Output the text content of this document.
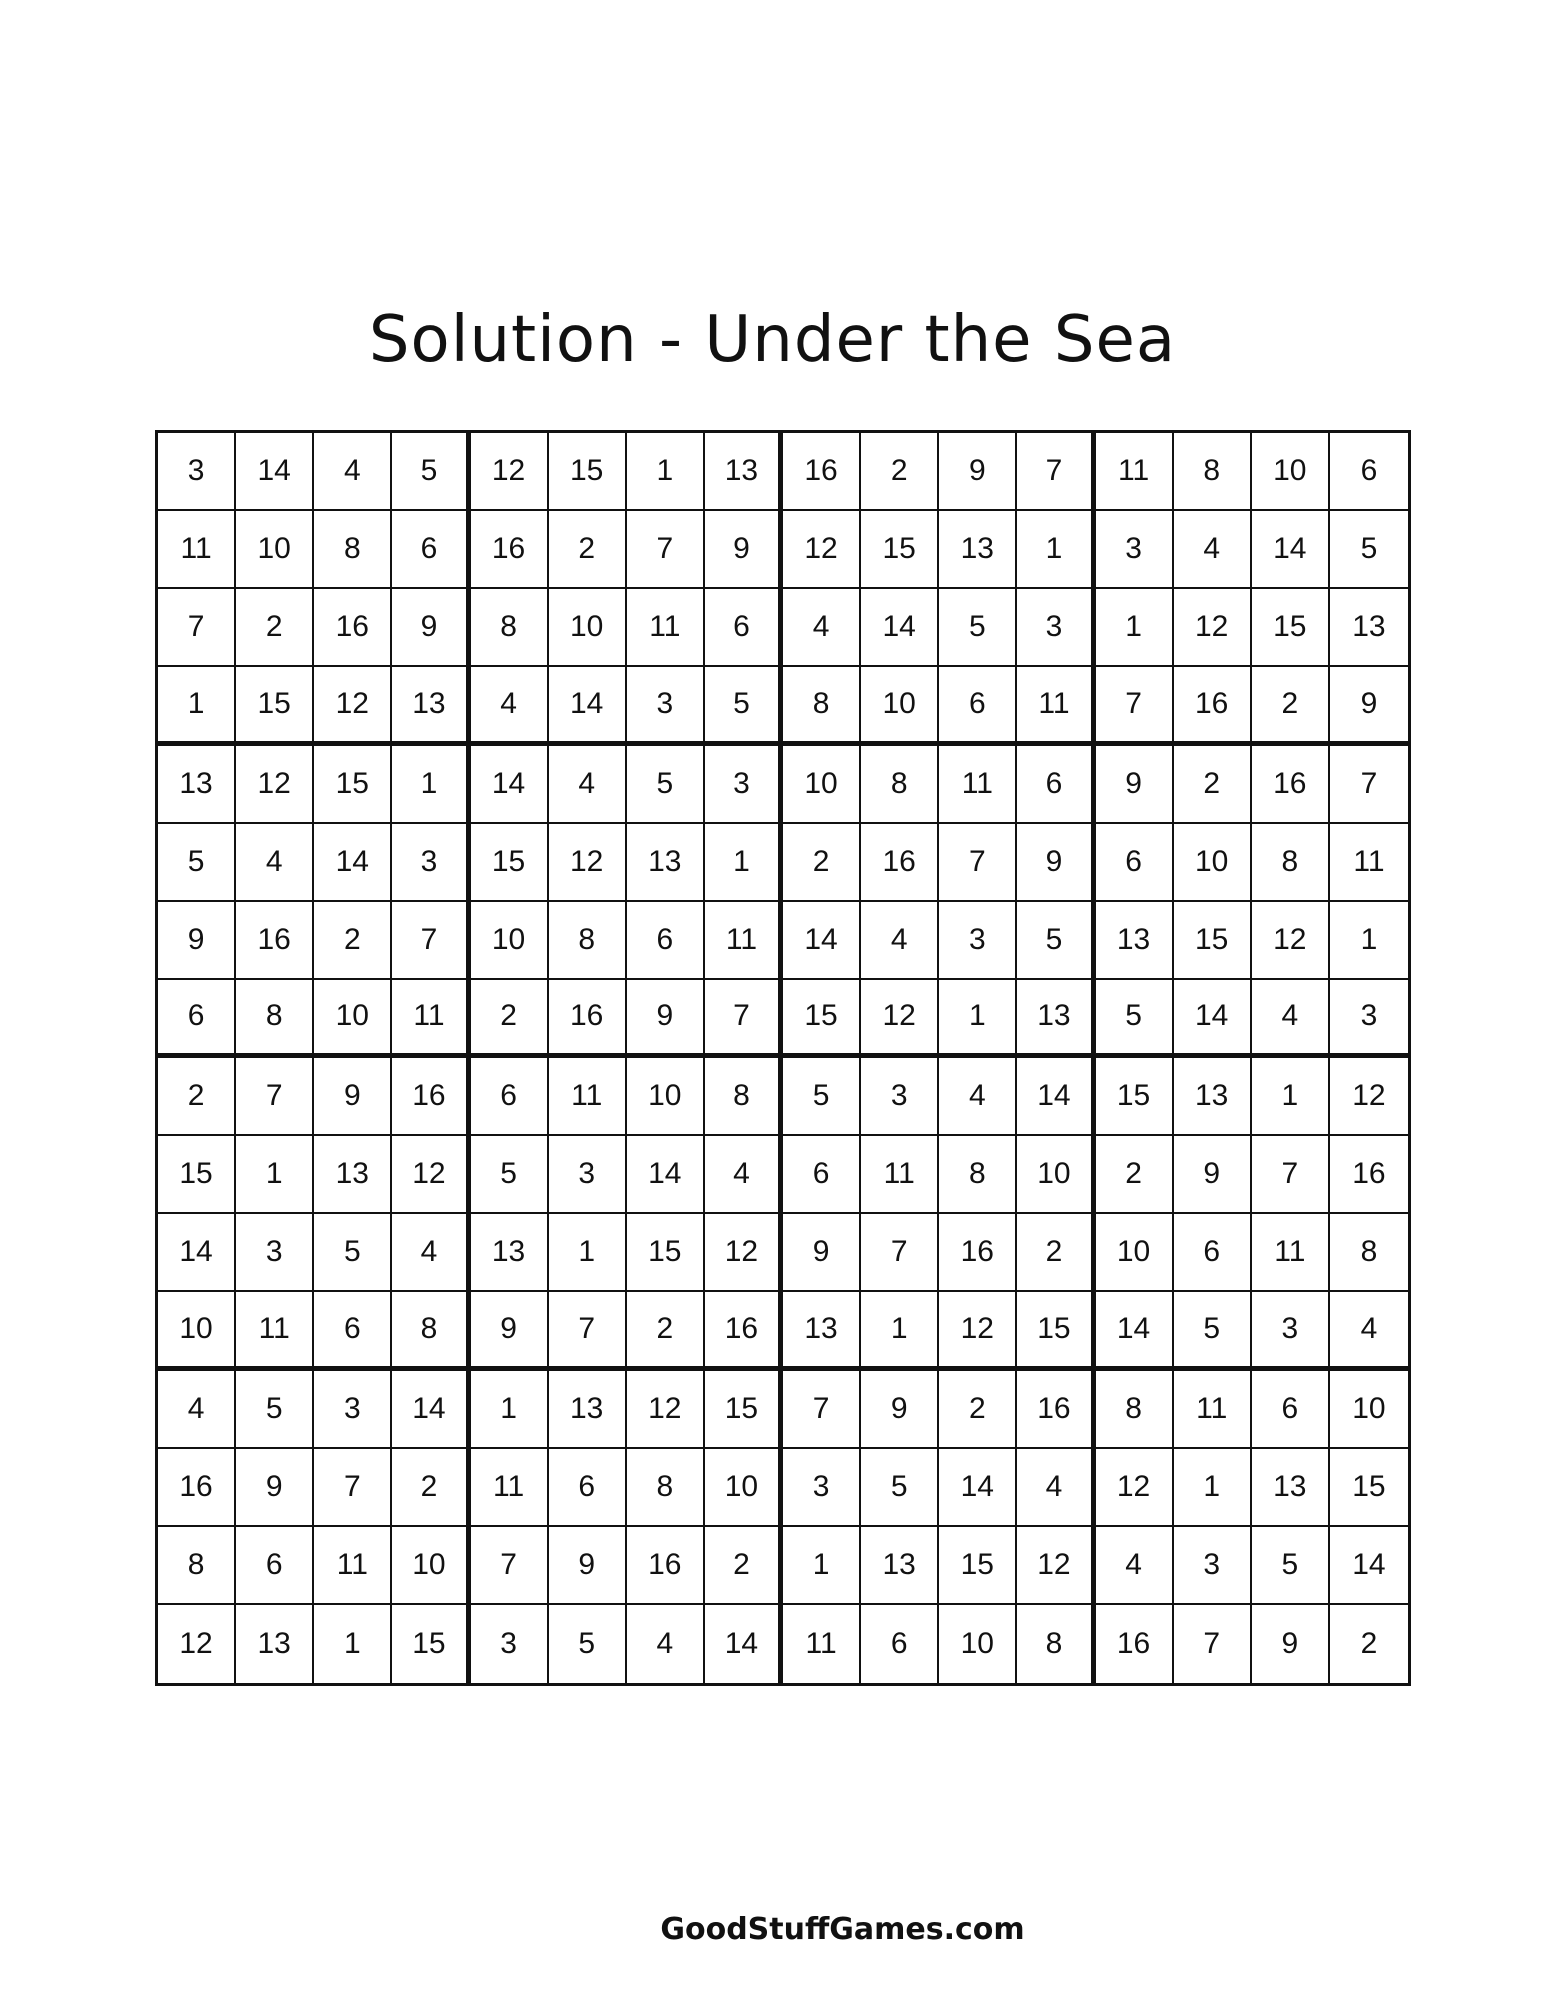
Solution - Under the Sea
3	14	4	5	12	15	1	13	16	2	9	7	11	8	10	6
11	10	8	6	16	2	7	9	12	15	13	1	3	4	14	5
7	2	16	9	8	10	11	6	4	14	5	3	1	12	15	13
1	15	12	13	4	14	3	5	8	10	6	11	7	16	2	9
13	12	15	1	14	4	5	3	10	8	11	6	9	2	16	7
5	4	14	3	15	12	13	1	2	16	7	9	6	10	8	11
9	16	2	7	10	8	6	11	14	4	3	5	13	15	12	1
6	8	10	11	2	16	9	7	15	12	1	13	5	14	4	3
2	7	9	16	6	11	10	8	5	3	4	14	15	13	1	12
15	1	13	12	5	3	14	4	6	11	8	10	2	9	7	16
14	3	5	4	13	1	15	12	9	7	16	2	10	6	11	8
10	11	6	8	9	7	2	16	13	1	12	15	14	5	3	4
4	5	3	14	1	13	12	15	7	9	2	16	8	11	6	10
16	9	7	2	11	6	8	10	3	5	14	4	12	1	13	15
8	6	11	10	7	9	16	2	1	13	15	12	4	3	5	14
12	13	1	15	3	5	4	14	11	6	10	8	16	7	9	2
GoodStuffGames.com
